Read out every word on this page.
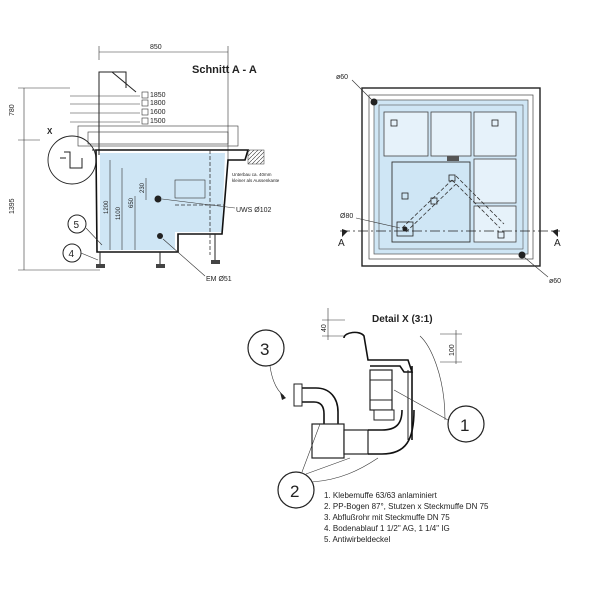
Schnitt A - A
850
780
1395
1850
1800
1600
1500
1200 1100
650
230
UWS Ø102
EM Ø51
Unterbau ca. 40mm
kleiner als Aussenkante
X
5
4
ø60
ø60
Ø80
A	A
Detail X (3:1)
40
100
3
1
2	1. Klebemuffe 63/63 anlaminiert
2. PP-Bogen 87°, Stutzen x Steckmuffe DN 75
3. Abflußrohr mit Steckmuffe DN 75
4. Bodenablauf 1 1/2" AG, 1 1/4" IG
5. Antiwirbeldeckel
